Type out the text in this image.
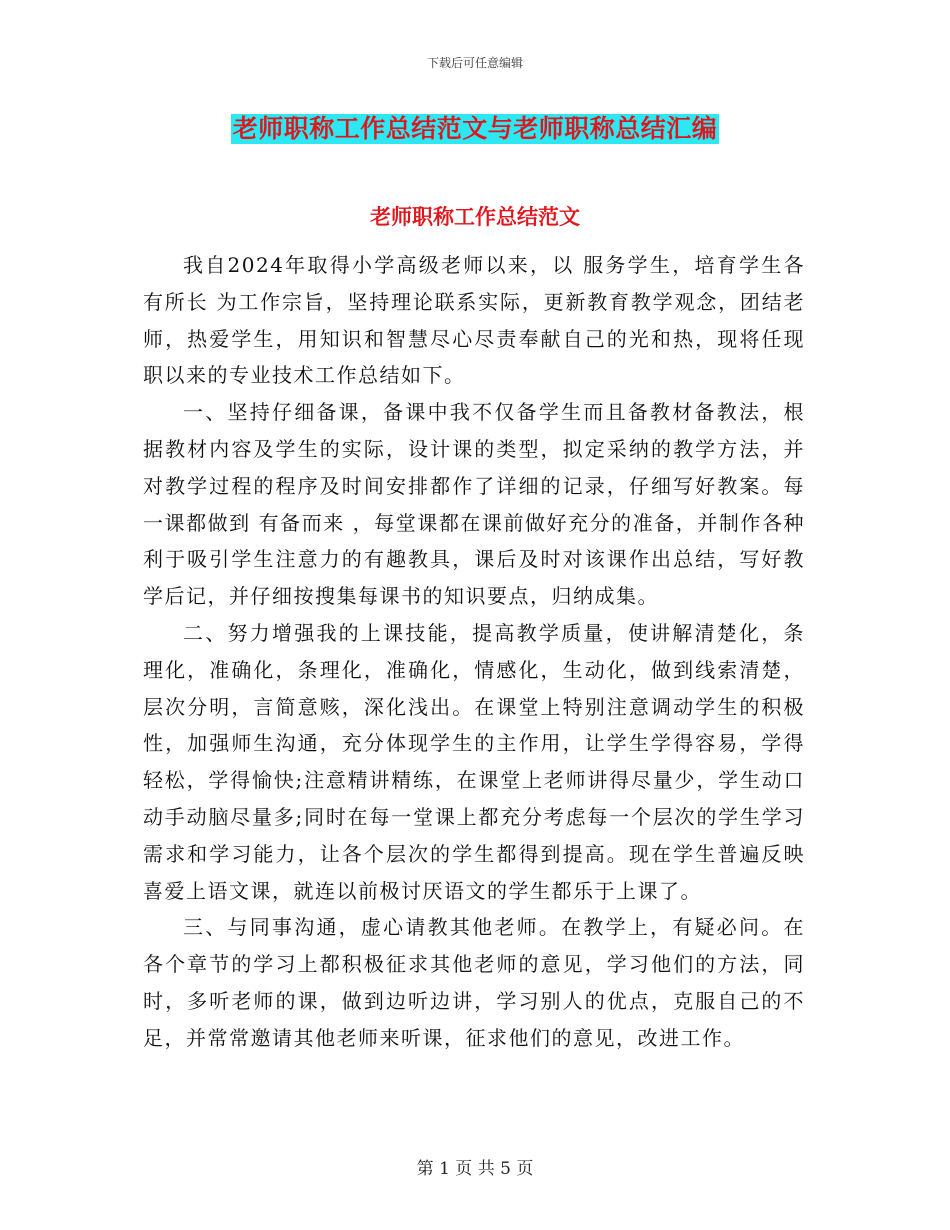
下载后可任意编辑
老师职称工作总结范文与老师职称总结汇编
老师职称工作总结范文

我自2024年取得小学高级老师以来，以 服务学生，培育学生各有所长 为工作宗旨，坚持理论联系实际，更新教育教学观念，团结老师，热爱学生，用知识和智慧尽心尽责奉献自己的光和热，现将任现职以来的专业技术工作总结如下。

一、坚持仔细备课，备课中我不仅备学生而且备教材备教法，根据教材内容及学生的实际，设计课的类型，拟定采纳的教学方法，并对教学过程的程序及时间安排都作了详细的记录，仔细写好教案。每一课都做到 有备而来 ，每堂课都在课前做好充分的准备，并制作各种利于吸引学生注意力的有趣教具，课后及时对该课作出总结，写好教学后记，并仔细按搜集每课书的知识要点，归纳成集。

二、努力增强我的上课技能，提高教学质量，使讲解清楚化，条理化，准确化，条理化，准确化，情感化，生动化，做到线索清楚，层次分明，言简意赅，深化浅出。在课堂上特别注意调动学生的积极性，加强师生沟通，充分体现学生的主作用，让学生学得容易，学得轻松，学得愉快;注意精讲精练，在课堂上老师讲得尽量少，学生动口动手动脑尽量多;同时在每一堂课上都充分考虑每一个层次的学生学习需求和学习能力，让各个层次的学生都得到提高。现在学生普遍反映喜爱上语文课，就连以前极讨厌语文的学生都乐于上课了。

三、与同事沟通，虚心请教其他老师。在教学上，有疑必问。在各个章节的学习上都积极征求其他老师的意见，学习他们的方法，同时，多听老师的课，做到边听边讲，学习别人的优点，克服自己的不足，并常常邀请其他老师来听课，征求他们的意见，改进工作。

第 1 页 共 5 页
